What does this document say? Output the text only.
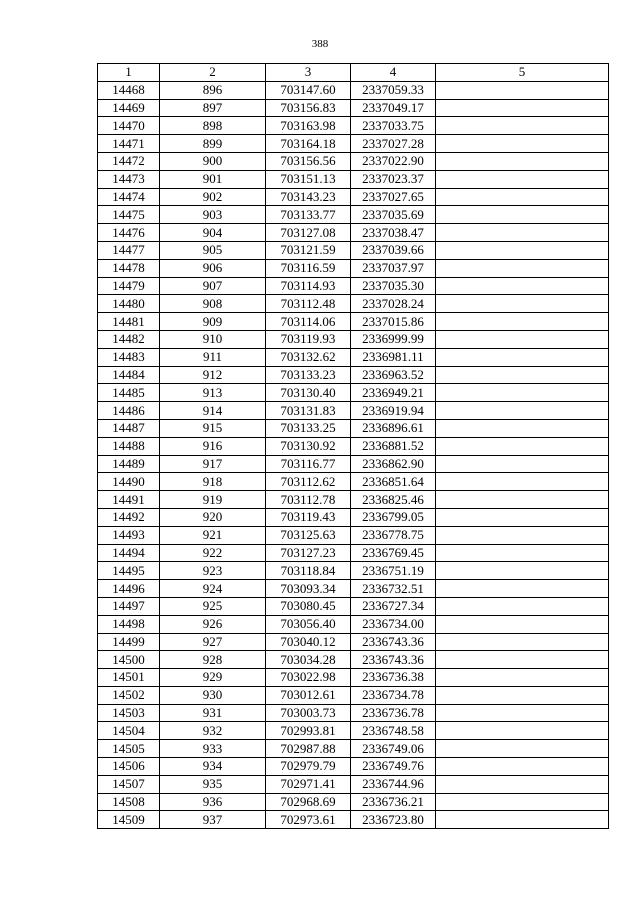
388
1	2	3	4	5
14468	896	703147.60	2337059.33	
14469	897	703156.83	2337049.17	
14470	898	703163.98	2337033.75	
14471	899	703164.18	2337027.28	
14472	900	703156.56	2337022.90	
14473	901	703151.13	2337023.37	
14474	902	703143.23	2337027.65	
14475	903	703133.77	2337035.69	
14476	904	703127.08	2337038.47	
14477	905	703121.59	2337039.66	
14478	906	703116.59	2337037.97	
14479	907	703114.93	2337035.30	
14480	908	703112.48	2337028.24	
14481	909	703114.06	2337015.86	
14482	910	703119.93	2336999.99	
14483	911	703132.62	2336981.11	
14484	912	703133.23	2336963.52	
14485	913	703130.40	2336949.21	
14486	914	703131.83	2336919.94	
14487	915	703133.25	2336896.61	
14488	916	703130.92	2336881.52	
14489	917	703116.77	2336862.90	
14490	918	703112.62	2336851.64	
14491	919	703112.78	2336825.46	
14492	920	703119.43	2336799.05	
14493	921	703125.63	2336778.75	
14494	922	703127.23	2336769.45	
14495	923	703118.84	2336751.19	
14496	924	703093.34	2336732.51	
14497	925	703080.45	2336727.34	
14498	926	703056.40	2336734.00	
14499	927	703040.12	2336743.36	
14500	928	703034.28	2336743.36	
14501	929	703022.98	2336736.38	
14502	930	703012.61	2336734.78	
14503	931	703003.73	2336736.78	
14504	932	702993.81	2336748.58	
14505	933	702987.88	2336749.06	
14506	934	702979.79	2336749.76	
14507	935	702971.41	2336744.96	
14508	936	702968.69	2336736.21	
14509	937	702973.61	2336723.80	
